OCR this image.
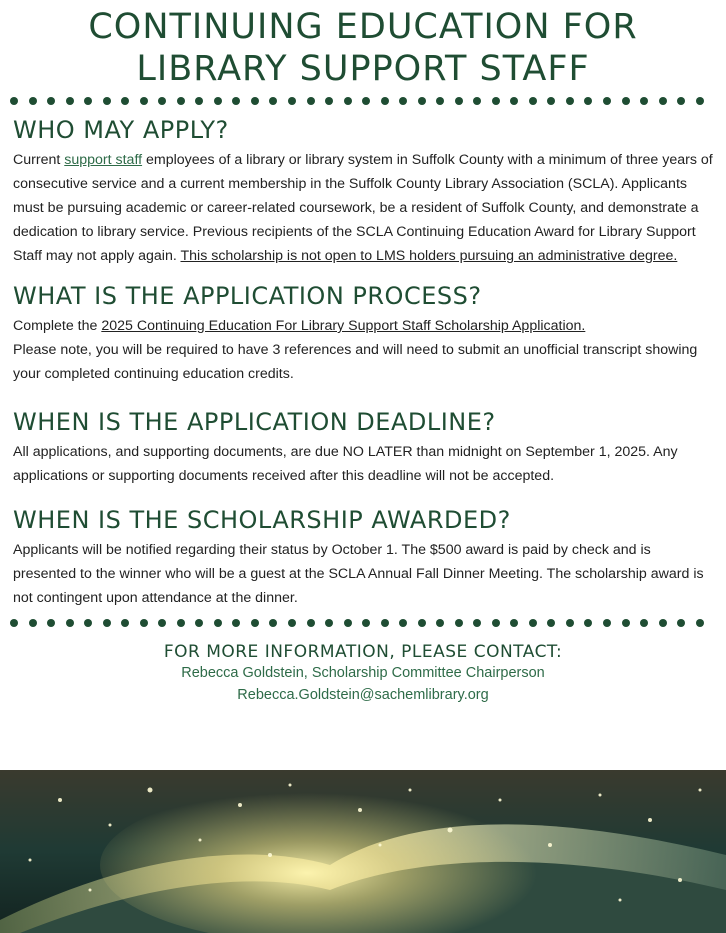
CONTINUING EDUCATION FOR
LIBRARY SUPPORT STAFF
WHO MAY APPLY?

Current support staff employees of a library or library system in Suffolk County with a minimum of three years of consecutive service and a current membership in the Suffolk County Library Association (SCLA). Applicants must be pursuing academic or career-related coursework, be a resident of Suffolk County, and demonstrate a dedication to library service. Previous recipients of the SCLA Continuing Education Award for Library Support Staff may not apply again. This scholarship is not open to LMS holders pursuing an administrative degree.

WHAT IS THE APPLICATION PROCESS?

Complete the 2025 Continuing Education For Library Support Staff Scholarship Application.
Please note, you will be required to have 3 references and will need to submit an unofficial transcript showing your completed continuing education credits.

WHEN IS THE APPLICATION DEADLINE?

All applications, and supporting documents, are due NO LATER than midnight on September 1, 2025. Any applications or supporting documents received after this deadline will not be accepted.

WHEN IS THE SCHOLARSHIP AWARDED?

Applicants will be notified regarding their status by October 1. The $500 award is paid by check and is presented to the winner who will be a guest at the SCLA Annual Fall Dinner Meeting. The scholarship award is not contingent upon attendance at the dinner.

FOR MORE INFORMATION, PLEASE CONTACT:

Rebecca Goldstein, Scholarship Committee Chairperson

Rebecca.Goldstein@sachemlibrary.org
